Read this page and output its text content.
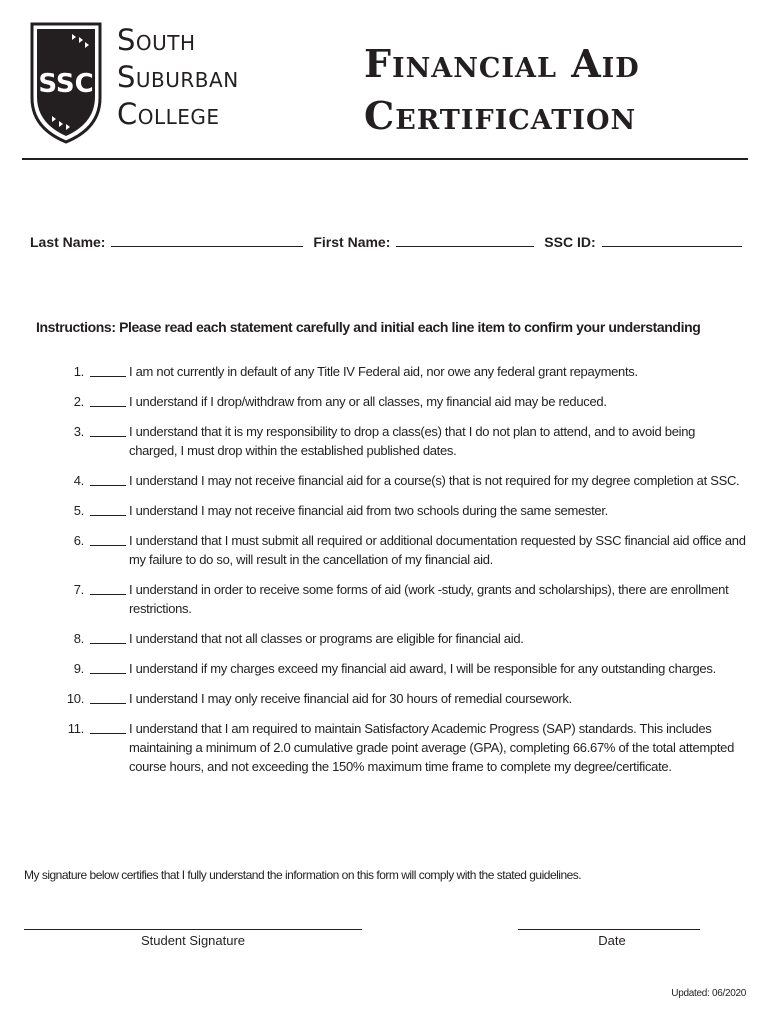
SSC
South
Suburban
College
Financial Aid
Certification
Last Name:	First Name:	SSC ID:
Instructions: Please read each statement carefully and initial each line item to confirm your understanding
1.	I am not currently in default of any Title IV Federal aid, nor owe any federal grant repayments.
2.	I understand if I drop/withdraw from any or all classes, my financial aid may be reduced.
3.	I understand that it is my responsibility to drop a class(es) that I do not plan to attend, and to avoid being charged, I must drop within the established published dates.
4.	I understand I may not receive financial aid for a course(s) that is not required for my degree completion at SSC.
5.	I understand I may not receive financial aid from two schools during the same semester.
6.	I understand that I must submit all required or additional documentation requested by SSC financial aid office and my failure to do so, will result in the cancellation of my financial aid.
7.	I understand in order to receive some forms of aid (work -study, grants and scholarships), there are enrollment restrictions.
8.	I understand that not all classes or programs are eligible for financial aid.
9.	I understand if my charges exceed my financial aid award, I will be responsible for any outstanding charges.
10.	I understand I may only receive financial aid for 30 hours of remedial coursework.
11.	I understand that I am required to maintain Satisfactory Academic Progress (SAP) standards. This includes maintaining a minimum of 2.0 cumulative grade point average (GPA), completing 66.67% of the total attempted course hours, and not exceeding the 150% maximum time frame to complete my degree/certificate.
My signature below certifies that I fully understand the information on this form will comply with the stated guidelines.
Student Signature	Date
Updated: 06/2020
